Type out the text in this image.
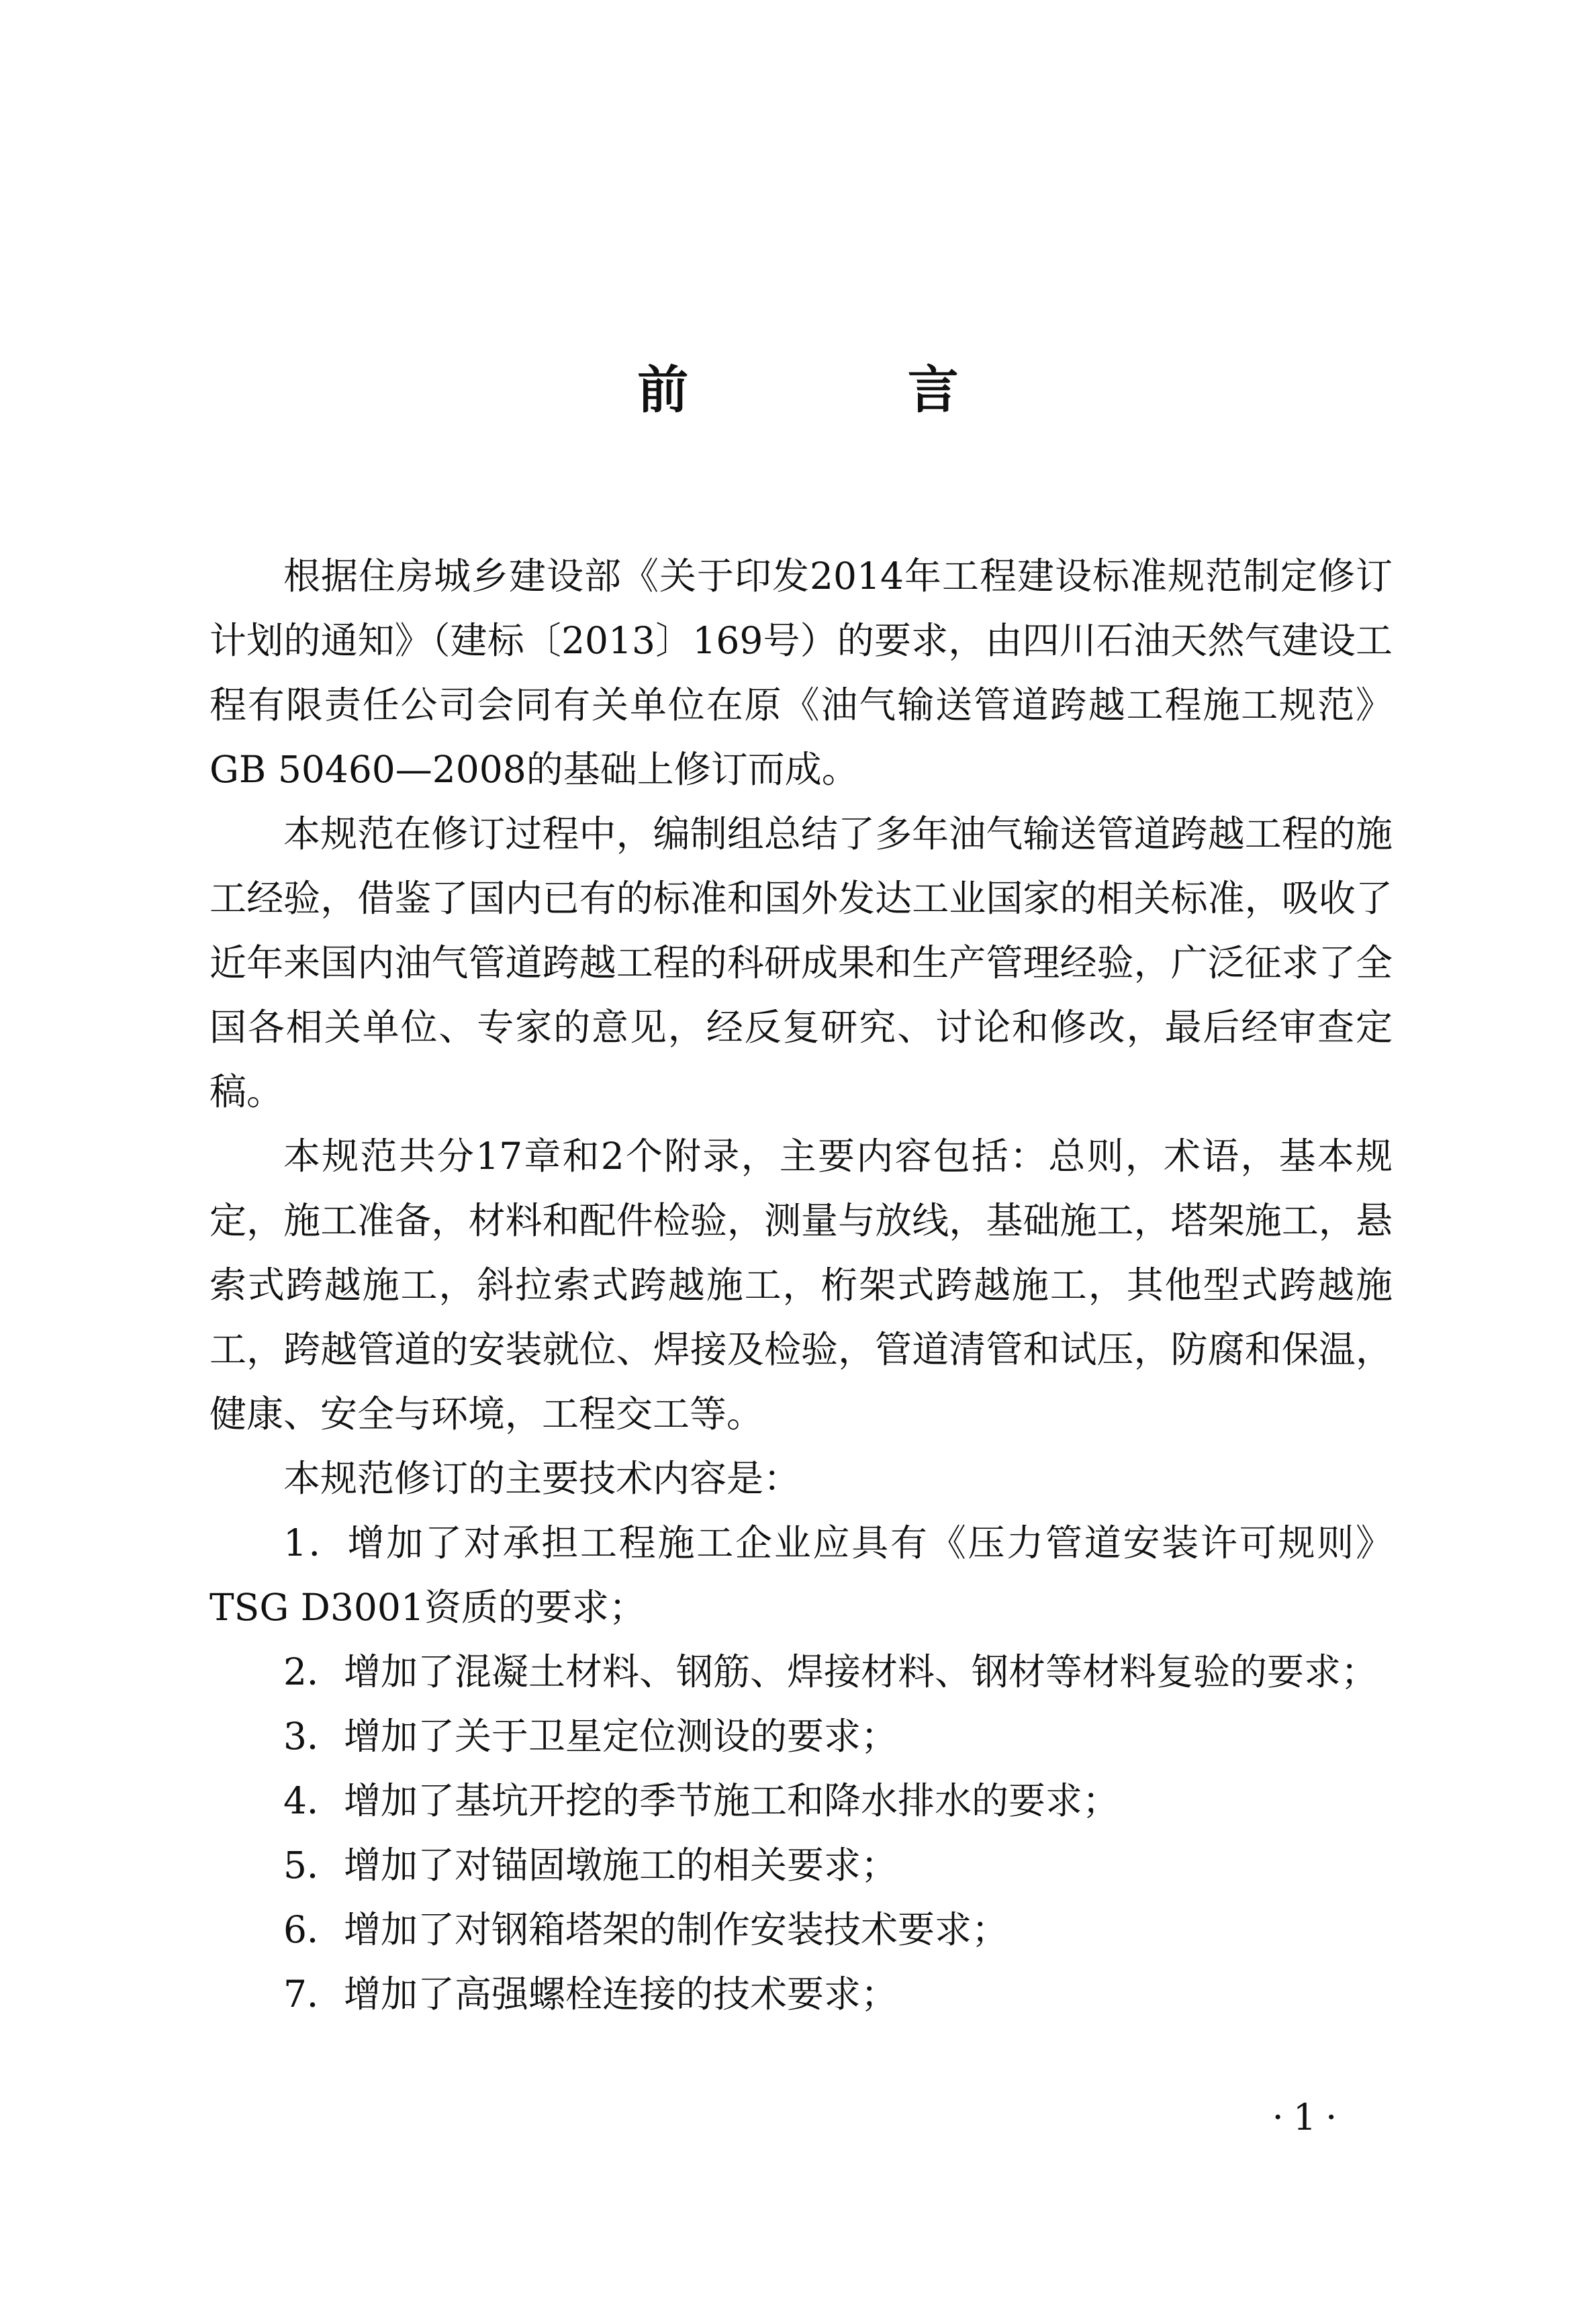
前 言

根据住房城乡建设部《关于印发2014年工程建设标准规范制定修订计划的通知》（建标〔2013〕169号）的要求，由四川石油天然气建设工程有限责任公司会同有关单位在原《油气输送管道跨越工程施工规范》GB 50460—2008的基础上修订而成。

本规范在修订过程中，编制组总结了多年油气输送管道跨越工程的施工经验，借鉴了国内已有的标准和国外发达工业国家的相关标准，吸收了近年来国内油气管道跨越工程的科研成果和生产管理经验，广泛征求了全国各相关单位、专家的意见，经反复研究、讨论和修改，最后经审查定稿。

本规范共分17章和2个附录，主要内容包括：总则，术语，基本规定，施工准备，材料和配件检验，测量与放线，基础施工，塔架施工，悬索式跨越施工，斜拉索式跨越施工，桁架式跨越施工，其他型式跨越施工，跨越管道的安装就位、焊接及检验，管道清管和试压，防腐和保温，健康、安全与环境，工程交工等。

本规范修订的主要技术内容是：

1．增加了对承担工程施工企业应具有《压力管道安装许可规则》TSG D3001资质的要求；

2．增加了混凝土材料、钢筋、焊接材料、钢材等材料复验的要求；

3．增加了关于卫星定位测设的要求；

4．增加了基坑开挖的季节施工和降水排水的要求；

5．增加了对锚固墩施工的相关要求；

6．增加了对钢箱塔架的制作安装技术要求；

7．增加了高强螺栓连接的技术要求；

·1·
